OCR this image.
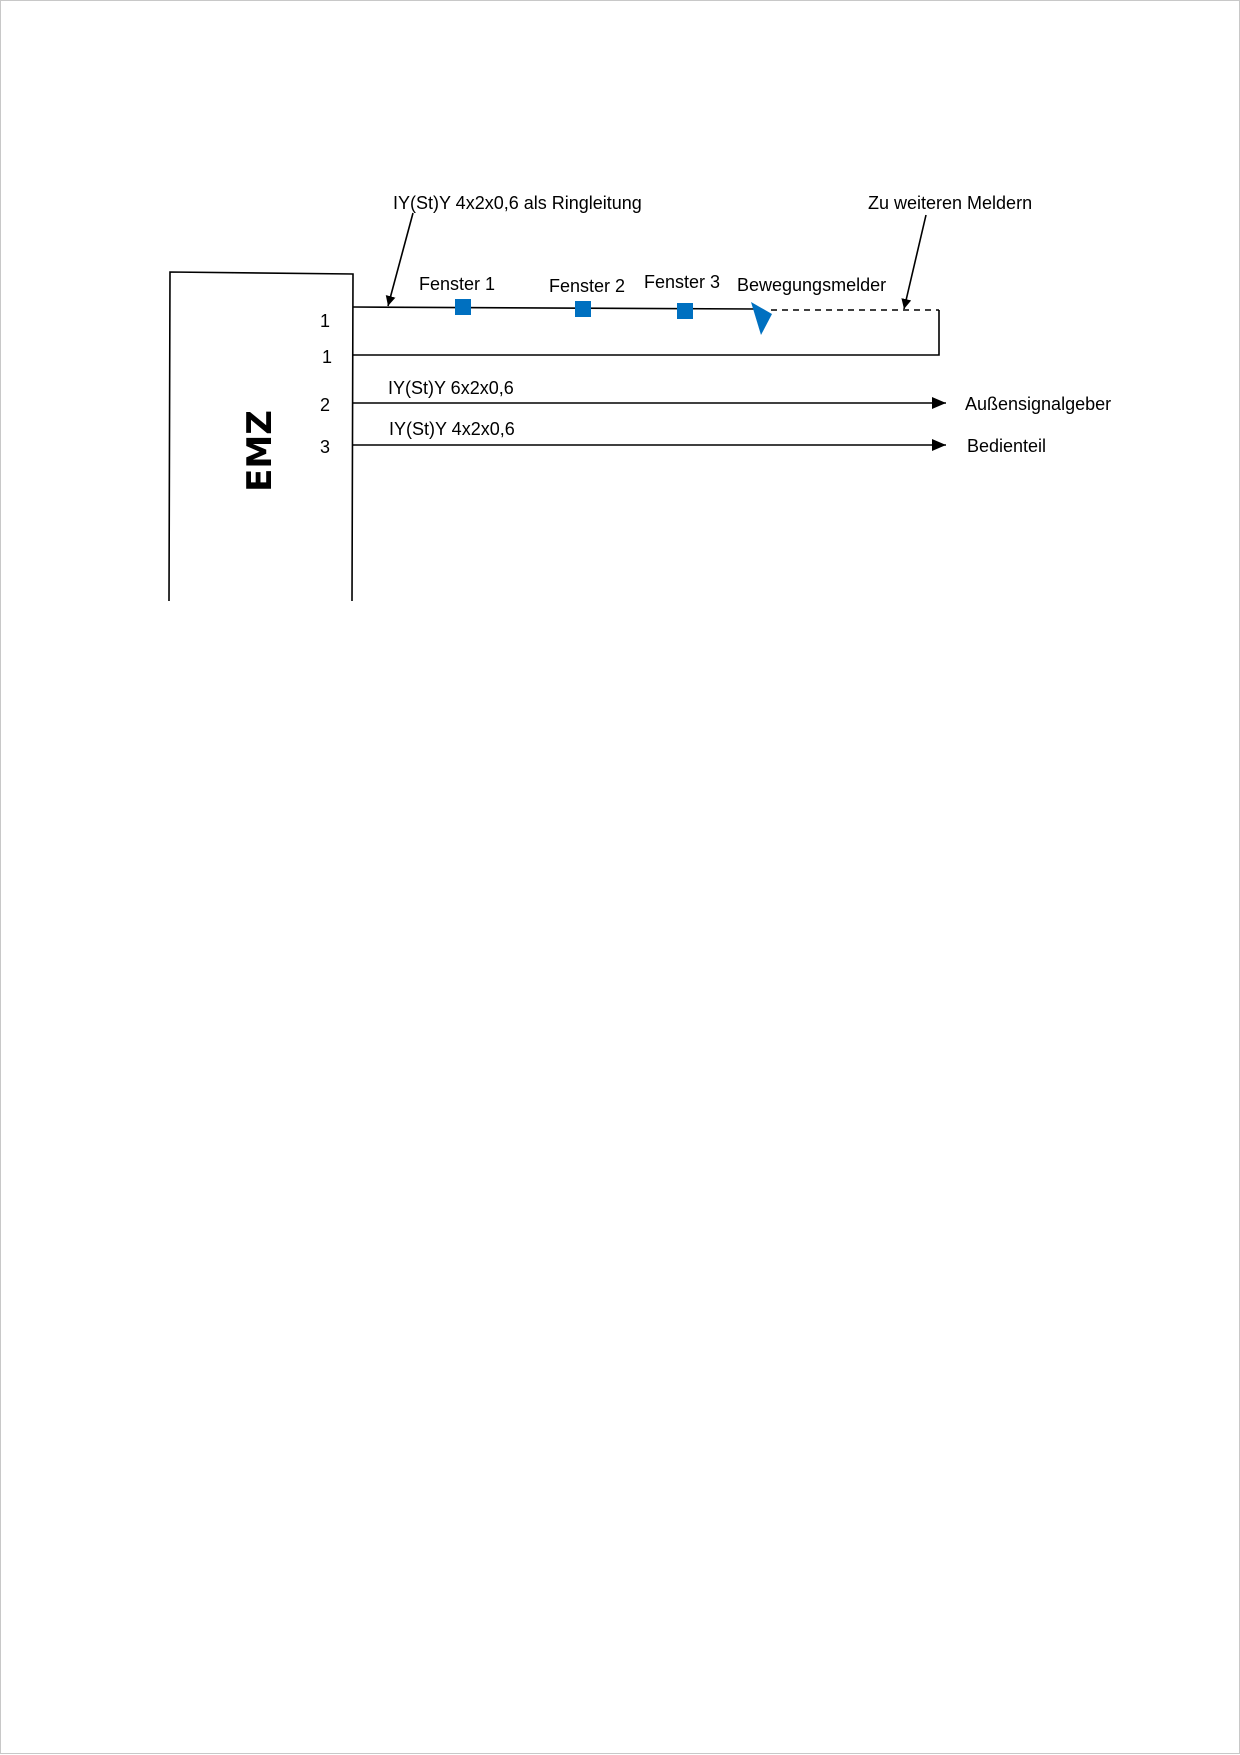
EMZ
1
1
2
3
IY(St)Y 4x2x0,6 als Ringleitung	Zu weiteren Meldern
Fenster 1	Fenster 2 Fenster 3 Bewegungsmelder
IY(St)Y 6x2x0,6
IY(St)Y 4x2x0,6
Außensignalgeber
Bedienteil
